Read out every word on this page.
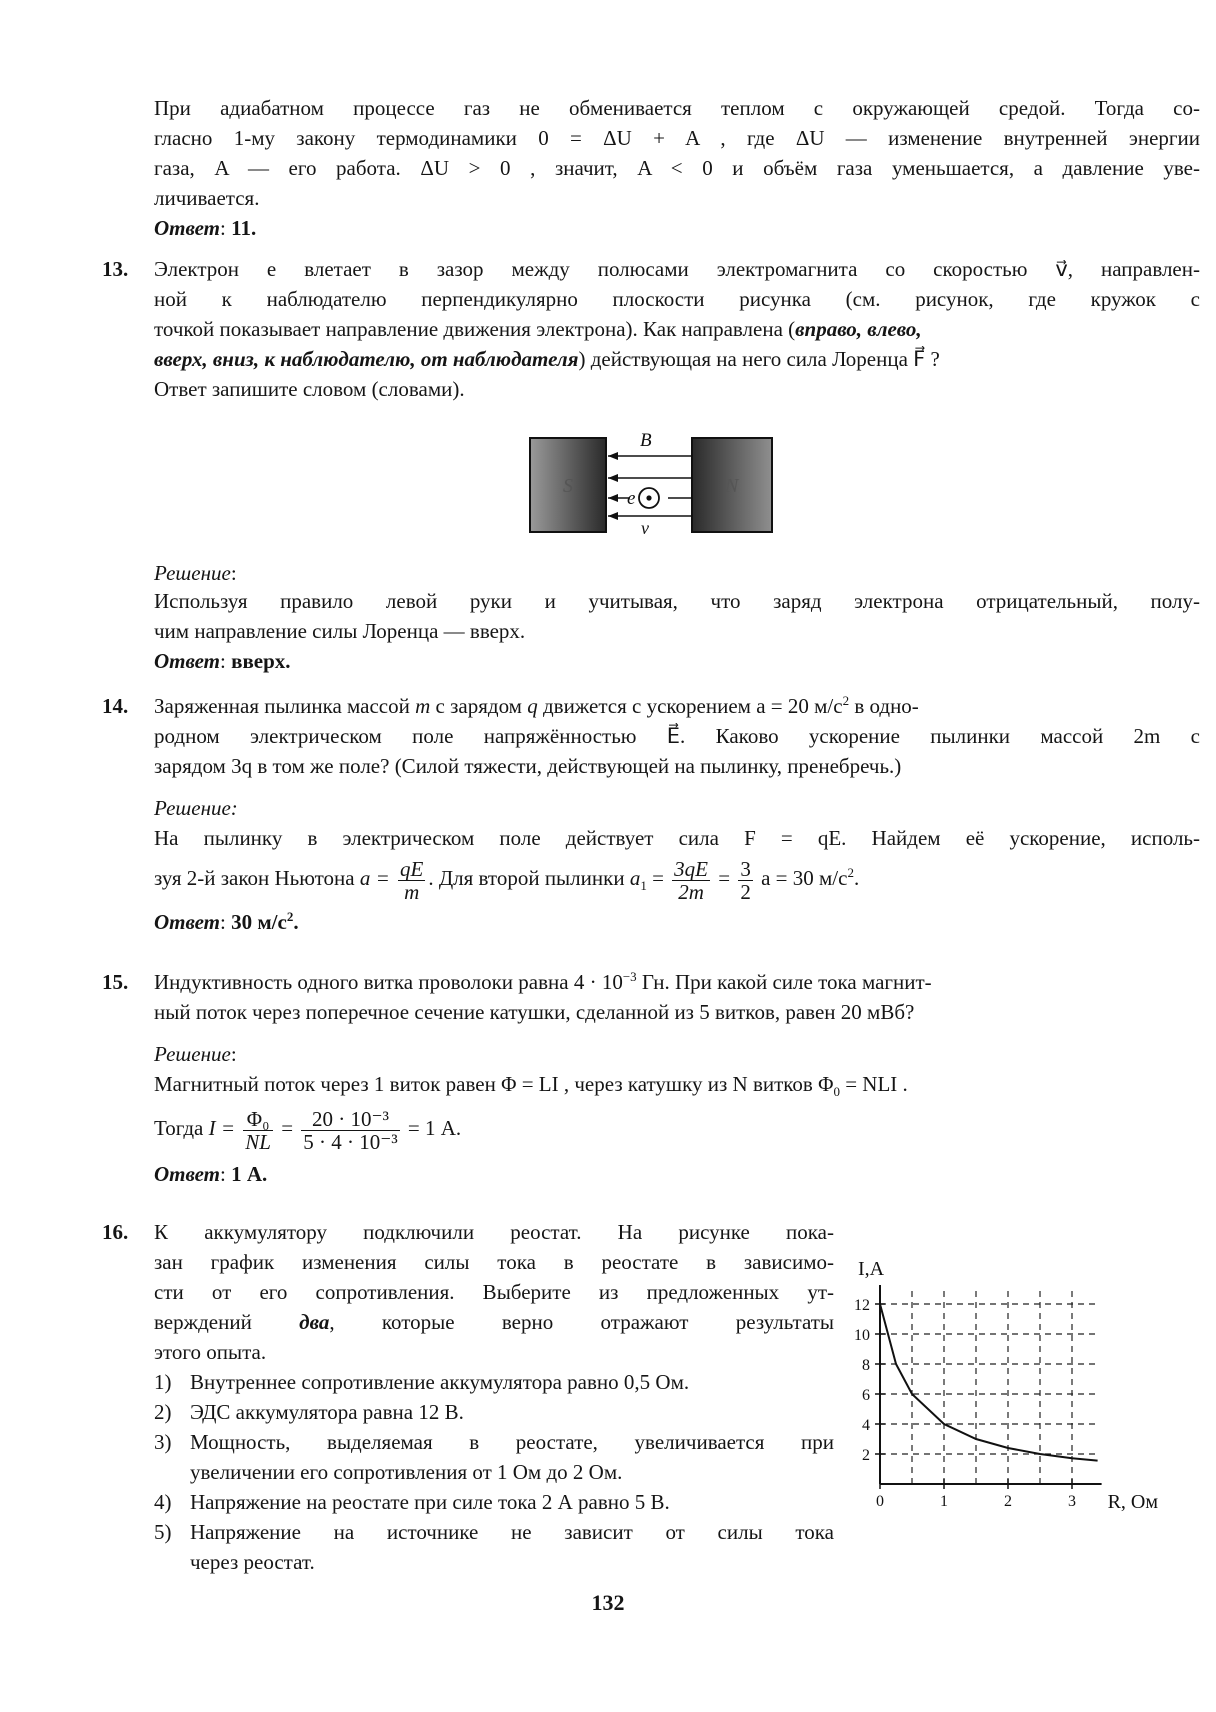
При адиабатном процессе газ не обменивается теплом с окружающей средой. Тогда со-
гласно 1-му закону термодинамики 0 = ΔU + A , где ΔU — изменение внутренней энергии
газа, A — его работа. ΔU > 0 , значит, A < 0 и объём газа уменьшается, а давление уве-
личивается.
Ответ: 11.
13. Электрон e влетает в зазор между полюсами электромагнита со скоростью v⃗, направлен-
ной к наблюдателю перпендикулярно плоскости рисунка (см. рисунок, где кружок с
точкой показывает направление движения электрона). Как направлена (вправо, влево,
вверх, вниз, к наблюдателю, от наблюдателя) действующая на него сила Лоренца F⃗ ?
Ответ запишите словом (словами).
S	N
B⃗
e
v⃗
Решение:
Используя правило левой руки и учитывая, что заряд электрона отрицательный, полу-
чим направление силы Лоренца — вверх.
Ответ: вверх.
14. Заряженная пылинка массой m с зарядом q движется с ускорением a = 20 $м/с^2$ в одно-
родном электрическом поле напряжённостью E⃗. Каково ускорение пылинки массой 2m с
зарядом 3q в том же поле? (Силой тяжести, действующей на пылинку, пренебречь.)
Решение:
На пылинку в электрическом поле действует сила F = qE. Найдем её ускорение, исполь-
зуя 2-й закон Ньютона $a = \frac{qE}{m}$ . Для второй пылинки $a_1 = \frac{3qE}{2m} = \frac{3}{2}$ a = 30 $м/с^2$.
Ответ: 30 $м/с^2$.
15. Индуктивность одного витка проволоки равна $4 \cdot 10^{-3}$ Гн. При какой силе тока магнит-
ный поток через поперечное сечение катушки, сделанной из 5 витков, равен 20 мВб?
Решение:
Магнитный поток через 1 виток равен Φ = LI , через катушку из N витков $\Phi_0$ = NLI .
Тогда $I = \frac{\text{Φ₀}}{NL} = \frac{\text{20 · 10⁻³}}{\text{5 · 4 · 10⁻³}} = 1$ А.
Ответ: 1 А.
16. К аккумулятору подключили реостат. На рисунке пока-
зан график изменения силы тока в реостате в зависимо-
сти от его сопротивления. Выберите из предложенных ут-
верждений два, которые верно отражают результаты
этого опыта.
1) Внутреннее сопротивление аккумулятора равно 0,5 Ом.
2) ЭДС аккумулятора равна 12 В.
3) Мощность, выделяемая в реостате, увеличивается при
увеличении его сопротивления от 1 Ом до 2 Ом.
4) Напряжение на реостате при силе тока 2 А равно 5 В.
5) Напряжение на источнике не зависит от силы тока
через реостат.
2
4
6
8
10
12
0	1	2	3
I,А
R, Ом
132
